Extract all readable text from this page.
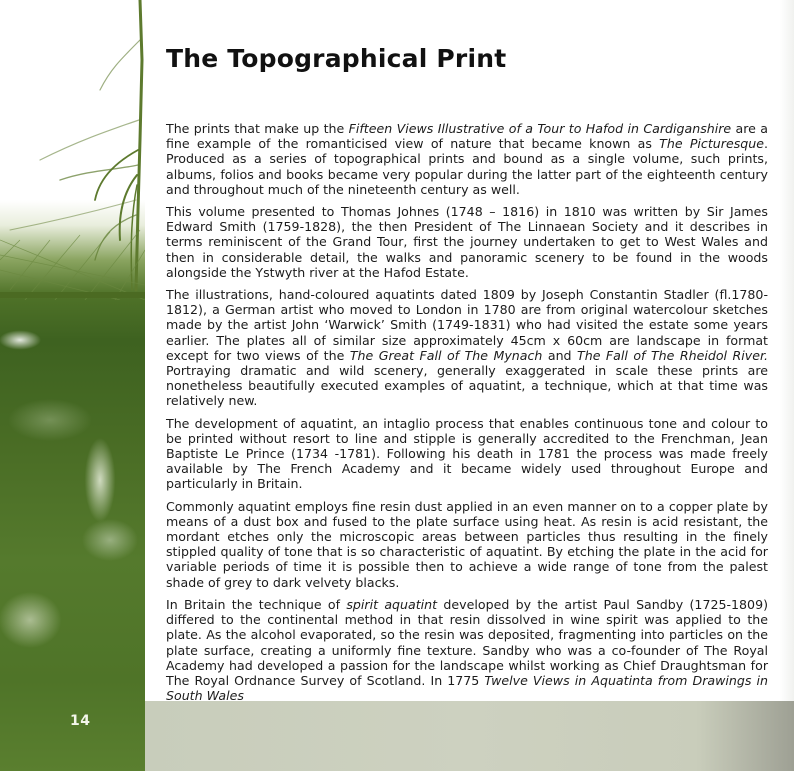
14
The Topographical Print

The prints that make up the Fifteen Views Illustrative of a Tour to Hafod in Cardiganshire are a fine example of the romanticised view of nature that became known as The Picturesque. Produced as a series of topographical prints and bound as a single volume, such prints, albums, folios and books became very popular during the latter part of the eighteenth century and throughout much of the nineteenth century as well.

This volume presented to Thomas Johnes (1748 – 1816) in 1810 was written by Sir James Edward Smith (1759-1828), the then President of The Linnaean Society and it describes in terms reminiscent of the Grand Tour, first the journey undertaken to get to West Wales and then in considerable detail, the walks and panoramic scenery to be found in the woods alongside the Ystwyth river at the Hafod Estate.

The illustrations, hand-coloured aquatints dated 1809 by Joseph Constantin Stadler (fl.1780-1812), a German artist who moved to London in 1780 are from original watercolour sketches made by the artist John ‘Warwick’ Smith (1749-1831) who had visited the estate some years earlier. The plates all of similar size approximately 45cm x 60cm are landscape in format except for two views of the The Great Fall of The Mynach and The Fall of The Rheidol River. Portraying dramatic and wild scenery, generally exaggerated in scale these prints are nonetheless beautifully executed examples of aquatint, a technique, which at that time was relatively new.

The development of aquatint, an intaglio process that enables continuous tone and colour to be printed without resort to line and stipple is generally accredited to the Frenchman, Jean Baptiste Le Prince (1734 -1781). Following his death in 1781 the process was made freely available by The French Academy and it became widely used throughout Europe and particularly in Britain.

Commonly aquatint employs fine resin dust applied in an even manner on to a copper plate by means of a dust box and fused to the plate surface using heat. As resin is acid resistant, the mordant etches only the microscopic areas between particles thus resulting in the finely stippled quality of tone that is so characteristic of aquatint. By etching the plate in the acid for variable periods of time it is possible then to achieve a wide range of tone from the palest shade of grey to dark velvety blacks.

In Britain the technique of spirit aquatint developed by the artist Paul Sandby (1725-1809) differed to the continental method in that resin dissolved in wine spirit was applied to the plate. As the alcohol evaporated, so the resin was deposited, fragmenting into particles on the plate surface, creating a uniformly fine texture. Sandby who was a co-founder of The Royal Academy had developed a passion for the landscape whilst working as Chief Draughtsman for The Royal Ordnance Survey of Scotland. In 1775 Twelve Views in Aquatinta from Drawings in South Wales
